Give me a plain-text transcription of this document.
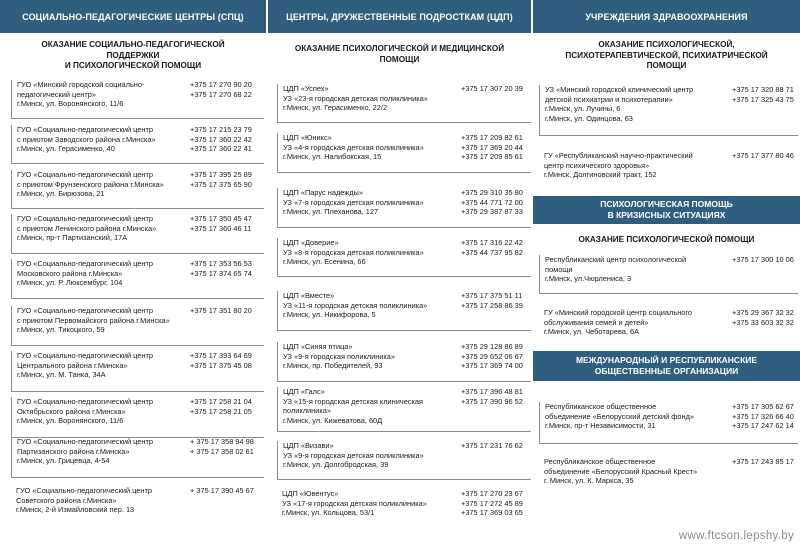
СОЦИАЛЬНО-ПЕДАГОГИЧЕСКИЕ ЦЕНТРЫ (СПЦ)
ОКАЗАНИЕ СОЦИАЛЬНО-ПЕДАГОГИЧЕСКОЙ
ПОДДЕРЖКИ
И ПСИХОЛОГИЧЕСКОЙ ПОМОЩИ
ГУО «Минский городской социально-
педагогический центр»
г.Минск, ул. Воронянского, 11/6
+375 17 270 90 20
+375 17 270 68 22
ГУО «Социально-педагогический центр
с приютом Заводского района г.Минска»
г.Минск, ул. Герасименко, 40
+375 17 215 23 79
+375 17 360 22 42
+375 17 360 22 41
ГУО «Социально-педагогический центр
с приютом Фрунзенского района г.Минска»
г.Минск, ул. Бирюзова, 21
+375 17 395 25 89
+375 17 375 65 90
ГУО «Социально-педагогический центр
с приютом Ленинского района г.Минска»
г.Минск, пр-т Партизанский, 17А
+375 17 350 45 47
+375 17 360 46 11
ГУО «Социально-педагогический центр
Московского района г.Минска»
г.Минск, ул. Р. Люксембург, 104
+375 17 353 56 53
+375 17 374 65 74
ГУО «Социально-педагогический центр
с приютом Первомайского района г.Минска»
г.Минск, ул. Тикоцкого, 59
+375 17 351 80 20
ГУО «Социально-педагогический центр
Центрального района г.Минска»
г.Минск, ул. М. Танка, 34А
+375 17 393 64 69
+375 17 375 45 08
ГУО «Социально-педагогический центр
Октябрьского района г.Минска»
г.Минск, ул. Воронянского, 11/6
+375 17 258 21 04
+375 17 258 21 05
ГУО «Социально-педагогический центр
Партизанского района г.Минска»
г.Минск, ул. Грицевца, 4-54
+ 375 17 358 94 98
+ 375 17 358 02 61
ГУО «Социально-педагогический центр
Советского района г.Минска»
г.Минск, 2-й Измайловский пер. 13
+ 375 17 390 45 67
ЦЕНТРЫ, ДРУЖЕСТВЕННЫЕ ПОДРОСТКАМ (ЦДП)
ОКАЗАНИЕ ПСИХОЛОГИЧЕСКОЙ И МЕДИЦИНСКОЙ
ПОМОЩИ
ЦДП «Успех»
УЗ «23-я городская детская поликлиника»
г.Минск, ул. Герасименко, 22/2
+375 17 307 20 39
ЦДП «Юникс»
УЗ «4-я городская детская поликлиника»
г.Минск, ул. Налибокская, 15
+375 17 209 82 61
+375 17 369 20 44
+375 17 209 85 61
ЦДП «Парус надежды»
УЗ «7-я городская детская поликлиника»
г.Минск, ул. Плеханова, 127
+375 29 310 35 80
+375 44 771 72 00
+375 29 387 87 33
ЦДП «Доверие»
УЗ «8-я городская детская поликлиника»
г.Минск, ул. Есенина, 66
+375 17 316 22 42
+375 44 737 95 82
ЦДП «Вместе»
УЗ «11-я городская детская поликлиника»
г.Минск, ул. Никифорова, 5
+375 17 375 51 11
+375 17 258 86 39
ЦДП «Синяя птица»
УЗ «9-я городская поликлиника»
г.Минск, пр. Победителей, 93
+375 29 128 86 89
+375 29 652 06 67
+375 17 369 74 00
ЦДП «Галс»
УЗ «15-я городская детская клиническая
поликлиника»
г.Минск, ул. Кижеватова, 60Д
+375 17 396 48 81
+375 17 390 96 52
ЦДП «Визави»
УЗ «9-я городская детская поликлиника»
г.Минск, ул. Долгобродская, 39
+375 17 231 76 62
ЦДП «Ювентус»
УЗ «17-я городская детская поликлиника»
г.Минск, ул. Кольцова, 53/1
+375 17 270 23 67
+375 17 272 45 89
+375 17 369 03 65
УЧРЕЖДЕНИЯ ЗДРАВООХРАНЕНИЯ
ОКАЗАНИЕ ПСИХОЛОГИЧЕСКОЙ,
ПСИХОТЕРАПЕВТИЧЕСКОЙ, ПСИХИАТРИЧЕСКОЙ
ПОМОЩИ
УЗ «Минский городской клинический центр
детской психиатрии и психотерапии»
г.Минск, ул. Лучины, 6
г.Минск, ул. Одинцова, 63
+375 17 320 88 71
+375 17 325 43 75
ГУ «Республиканский научно-практический
центр психического здоровья»
г.Минск, Долгиновский тракт, 152
+375 17 377 80 46
ПСИХОЛОГИЧЕСКАЯ ПОМОЩЬ
В КРИЗИСНЫХ СИТУАЦИЯХ
ОКАЗАНИЕ ПСИХОЛОГИЧЕСКОЙ ПОМОЩИ
Республиканский центр психологической
помощи
г.Минск, ул.Чюрлениса, 3
+375 17 300 10 06
ГУ «Минский городской центр социального
обслуживания семей и детей»
г.Минск, ул. Чеботарева, 6А
+375 29 367 32 32
+375 33 603 32 32
МЕЖДУНАРОДНЫЙ И РЕСПУБЛИКАНСКИЕ
ОБЩЕСТВЕННЫЕ ОРГАНИЗАЦИИ
Республиканское общественное
объединение «Белорусский детский фонд»
г.Минск, пр-т Независимости, 31
+375 17 305 62 67
+375 17 326 66 40
+375 17 247 62 14
Республиканское общественное
объединение «Белорусский Красный Крест»
г. Минск, ул. К. Маркса, 35
+375 17 243 85 17
www.ftcson.lepshy.by
